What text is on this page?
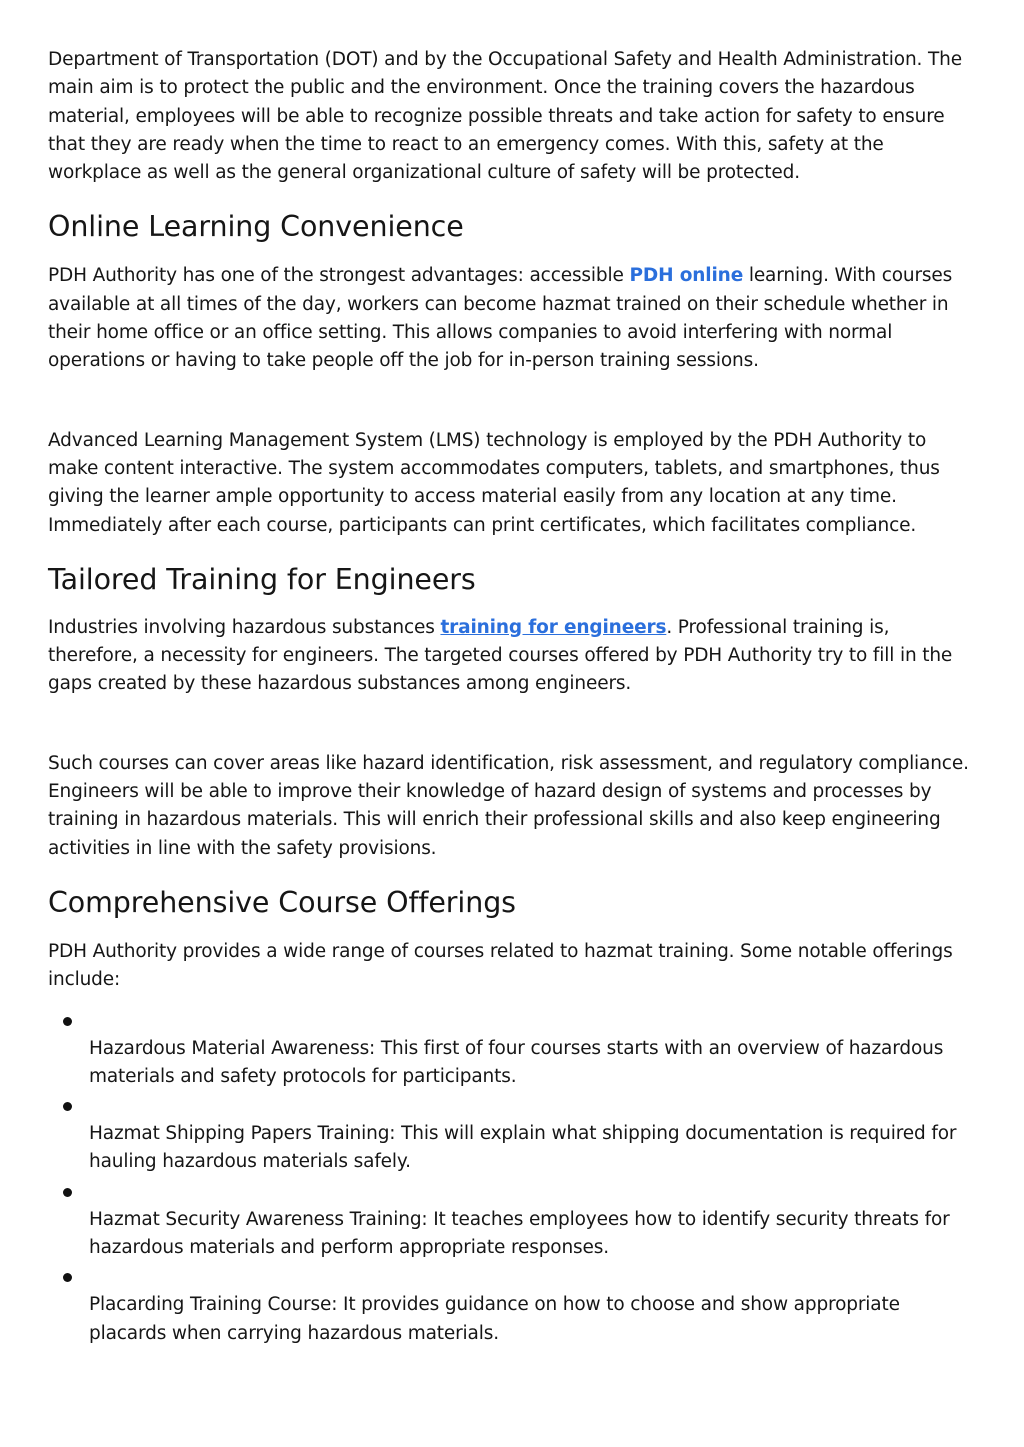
Department of Transportation (DOT) and by the Occupational Safety and Health Administration. The main aim is to protect the public and the environment. Once the training covers the hazardous material, employees will be able to recognize possible threats and take action for safety to ensure that they are ready when the time to react to an emergency comes. With this, safety at the workplace as well as the general organizational culture of safety will be protected.

Online Learning Convenience

PDH Authority has one of the strongest advantages: accessible PDH online learning. With courses available at all times of the day, workers can become hazmat trained on their schedule whether in their home office or an office setting. This allows companies to avoid interfering with normal operations or having to take people off the job for in-person training sessions.

Advanced Learning Management System (LMS) technology is employed by the PDH Authority to make content interactive. The system accommodates computers, tablets, and smartphones, thus giving the learner ample opportunity to access material easily from any location at any time. Immediately after each course, participants can print certificates, which facilitates compliance.

Tailored Training for Engineers

Industries involving hazardous substances training for engineers. Professional training is, therefore, a necessity for engineers. The targeted courses offered by PDH Authority try to fill in the gaps created by these hazardous substances among engineers.

Such courses can cover areas like hazard identification, risk assessment, and regulatory compliance. Engineers will be able to improve their knowledge of hazard design of systems and processes by training in hazardous materials. This will enrich their professional skills and also keep engineering activities in line with the safety provisions.

Comprehensive Course Offerings

PDH Authority provides a wide range of courses related to hazmat training. Some notable offerings include:

Hazardous Material Awareness: This first of four courses starts with an overview of hazardous materials and safety protocols for participants.

Hazmat Shipping Papers Training: This will explain what shipping documentation is required for hauling hazardous materials safely.

Hazmat Security Awareness Training: It teaches employees how to identify security threats for hazardous materials and perform appropriate responses.

Placarding Training Course: It provides guidance on how to choose and show appropriate placards when carrying hazardous materials.
